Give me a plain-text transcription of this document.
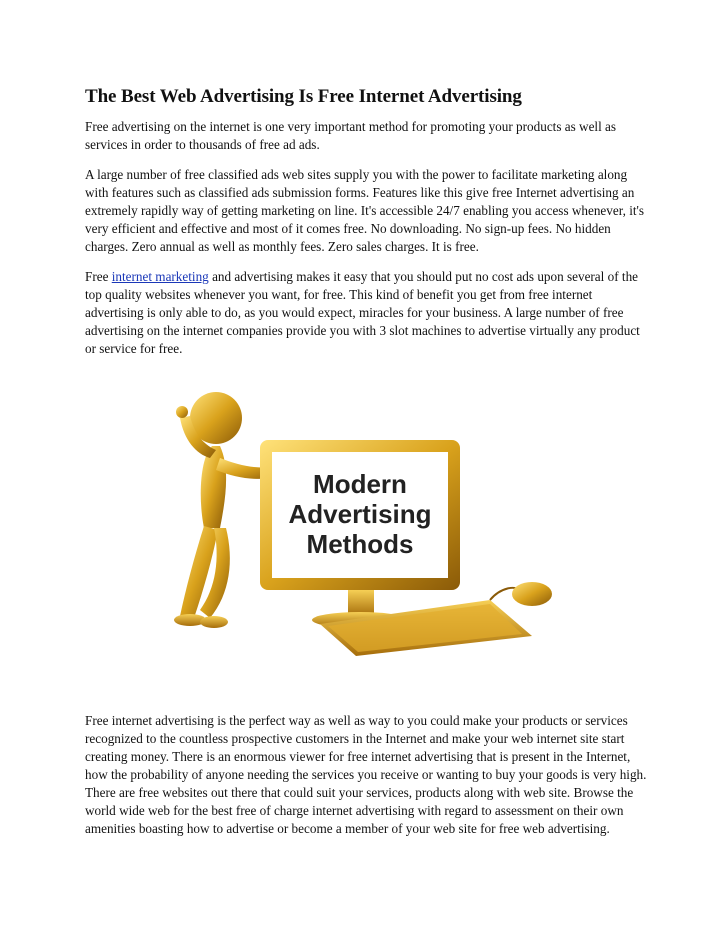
The Best Web Advertising Is Free Internet Advertising

Free advertising on the internet is one very important method for promoting your products as well as services in order to thousands of free ad ads.

A large number of free classified ads web sites supply you with the power to facilitate marketing along with features such as classified ads submission forms. Features like this give free Internet advertising an extremely rapidly way of getting marketing on line. It's accessible 24/7 enabling you access whenever, it's very efficient and effective and most of it comes free. No downloading. No sign-up fees. No hidden charges. Zero annual as well as monthly fees. Zero sales charges. It is free.

Free internet marketing and advertising makes it easy that you should put no cost ads upon several of the top quality websites whenever you want, for free. This kind of benefit you get from free internet advertising is only able to do, as you would expect, miracles for your business. A large number of free advertising on the internet companies provide you with 3 slot machines to advertise virtually any product or service for free.

Modern
Advertising
Methods

Free internet advertising is the perfect way as well as way to you could make your products or services recognized to the countless prospective customers in the Internet and make your web internet site start creating money. There is an enormous viewer for free internet advertising that is present in the Internet, how the probability of anyone needing the services you receive or wanting to buy your goods is very high. There are free websites out there that could suit your services, products along with web site. Browse the world wide web for the best free of charge internet advertising with regard to assessment on their own amenities boasting how to advertise or become a member of your web site for free web advertising.
